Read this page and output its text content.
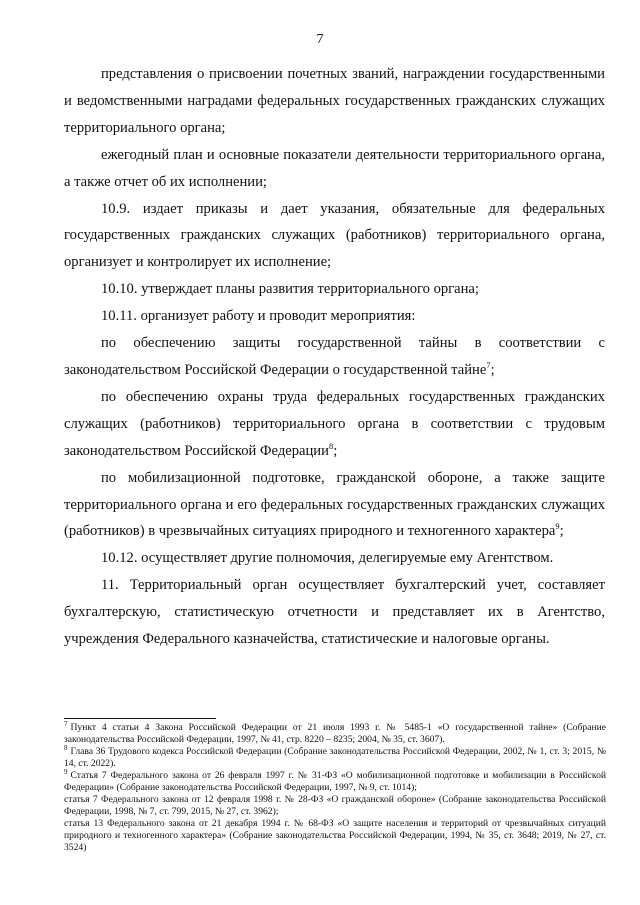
7

представления о присвоении почетных званий, награждении государственными и ведомственными наградами федеральных государственных гражданских служащих территориального органа;

ежегодный план и основные показатели деятельности территориального органа, а также отчет об их исполнении;

10.9. издает приказы и дает указания, обязательные для федеральных государственных гражданских служащих (работников) территориального органа, организует и контролирует их исполнение;

10.10. утверждает планы развития территориального органа;

10.11. организует работу и проводит мероприятия:

по обеспечению защиты государственной тайны в соответствии с законодательством Российской Федерации о государственной тайне$^7$;

по обеспечению охраны труда федеральных государственных гражданских служащих (работников) территориального органа в соответствии с трудовым законодательством Российской Федерации$^8$;

по мобилизационной подготовке, гражданской обороне, а также защите территориального органа и его федеральных государственных гражданских служащих (работников) в чрезвычайных ситуациях природного и техногенного характера$^9$;

10.12. осуществляет другие полномочия, делегируемые ему Агентством.

11. Территориальный орган осуществляет бухгалтерский учет, составляет бухгалтерскую, статистическую отчетности и представляет их в Агентство, учреждения Федерального казначейства, статистические и налоговые органы.

$^7$ Пункт 4 статьи 4 Закона Российской Федерации от 21 июля 1993 г. № 5485-1 «О государственной тайне» (Собрание законодательства Российской Федерации, 1997, № 41, стр. 8220 – 8235; 2004, № 35, ст. 3607).

$^8$ Глава 36 Трудового кодекса Российской Федерации (Собрание законодательства Российской Федерации, 2002, № 1, ст. 3; 2015, № 14, ст. 2022).

$^9$ Статья 7 Федерального закона от 26 февраля 1997 г. № 31-ФЗ «О мобилизационной подготовке и мобилизации в Российской Федерации» (Собрание законодательства Российской Федерации, 1997, № 9, ст. 1014);

статья 7 Федерального закона от 12 февраля 1998 г. № 28-ФЗ «О гражданской обороне» (Собрание законодательства Российской Федерации, 1998, № 7, ст. 799, 2015, № 27, ст. 3962);

статья 13 Федерального закона от 21 декабря 1994 г. № 68-ФЗ «О защите населения и территорий от чрезвычайных ситуаций природного и техногенного характера» (Собрание законодательства Российской Федерации, 1994, № 35, ст. 3648; 2019, № 27, ст. 3524)
